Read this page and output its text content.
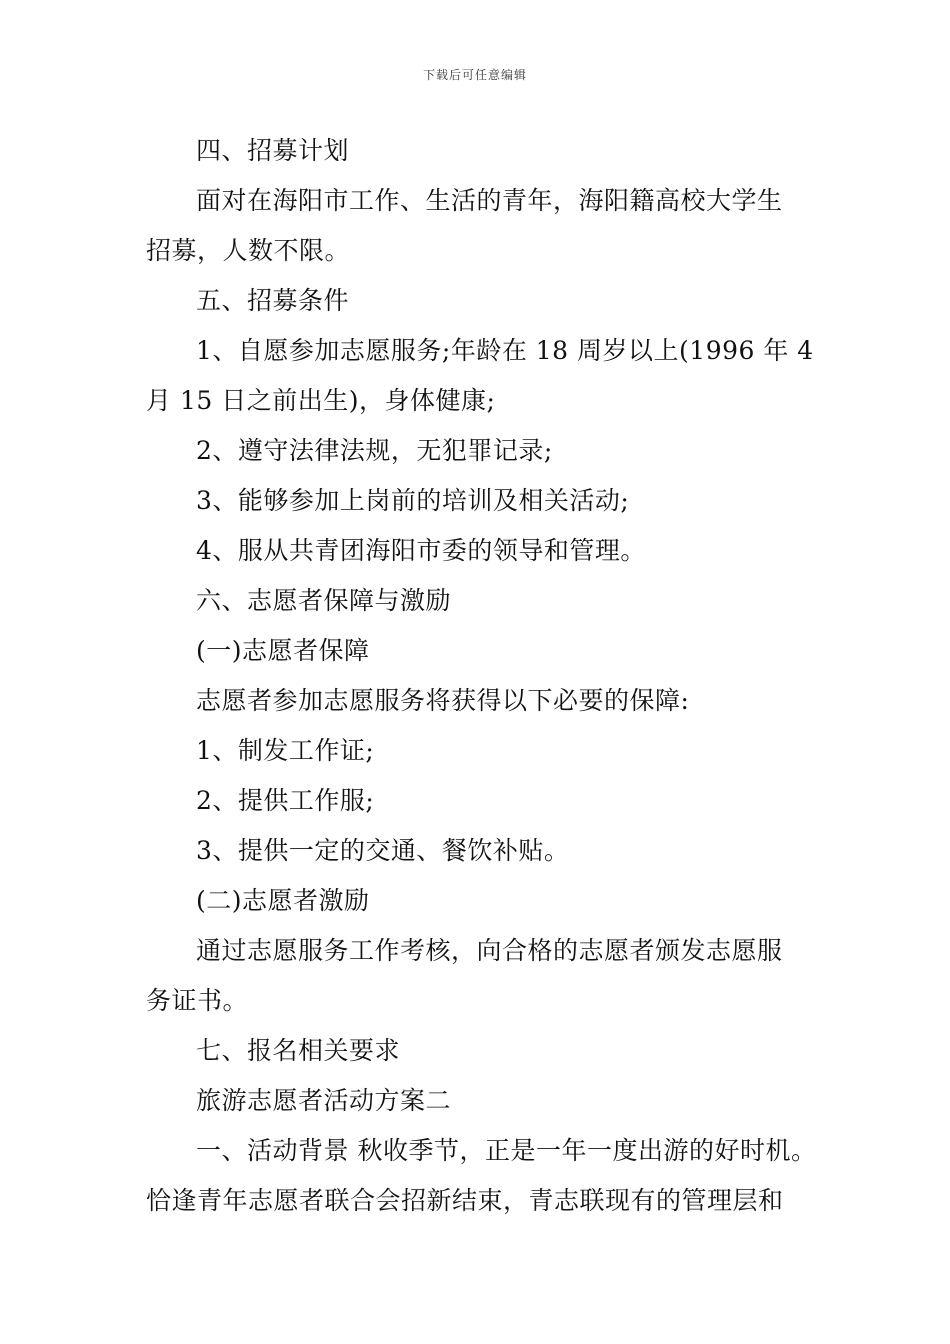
下载后可任意编辑
四、招募计划
面对在海阳市工作、生活的青年，海阳籍高校大学生
招募，人数不限。
五、招募条件
1、自愿参加志愿服务;年龄在 18 周岁以上(1996 年 4
月 15 日之前出生)，身体健康;
2、遵守法律法规，无犯罪记录;
3、能够参加上岗前的培训及相关活动;
4、服从共青团海阳市委的领导和管理。
六、志愿者保障与激励
(一)志愿者保障
志愿者参加志愿服务将获得以下必要的保障:
1、制发工作证;
2、提供工作服;
3、提供一定的交通、餐饮补贴。
(二)志愿者激励
通过志愿服务工作考核，向合格的志愿者颁发志愿服
务证书。
七、报名相关要求
旅游志愿者活动方案二
一、活动背景 秋收季节，正是一年一度出游的好时机。
恰逢青年志愿者联合会招新结束，青志联现有的管理层和
